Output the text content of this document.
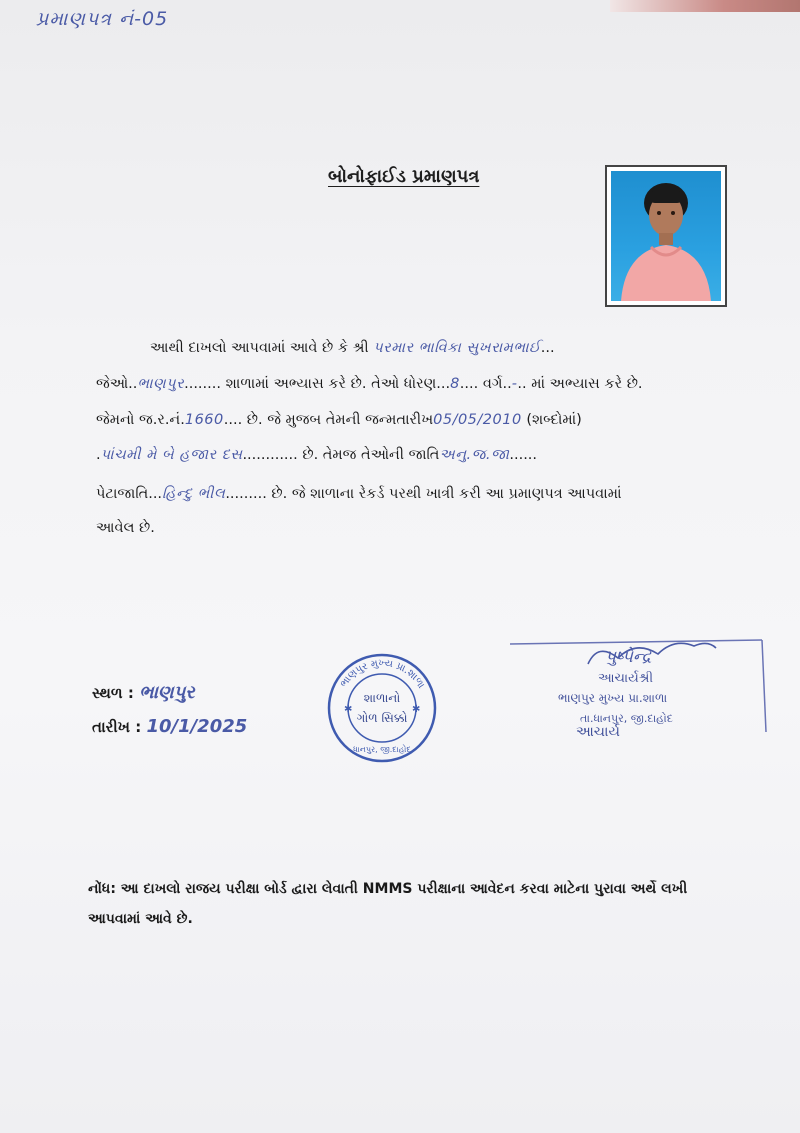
પ્રમાણપત્ર નં-05
બોનોફાઈડ પ્રમાણપત્ર
આથી દાખલો આપવામાં આવે છે કે શ્રી પરમાર ભાવિકા સુખરામભાઈ...
જેઓ..ભાણપુર........ શાળામાં અભ્યાસ કરે છે. તેઓ ધોરણ...8.... વર્ગ..-.. માં અભ્યાસ કરે છે.
જેમનો જ.ર.નં.1660.... છે. જે મુજબ તેમની જન્મતારીખ05/05/2010 (શબ્દોમાં)
.પાંચમી મે બે હજાર દસ............ છે. તેમજ તેઓની જાતિઅનુ.જ.જા......
પેટાજાતિ...હિન્દુ ભીલ......... છે. જે શાળાના રેકર્ડ પરથી ખાત્રી કરી આ પ્રમાણપત્ર આપવામાં
આવેલ છે.
સ્થળ : ભાણપુર
તારીખ : 10/1/2025
ભાણપુર મુખ્ય પ્રા.શાળા
શાળાનો
ગોળ સિક્કો
ધાનપુર, જી.દાહોદ
✱	✱
પુષ્પેન્દ્ર
આચાર્યશ્રી
ભાણપુર મુખ્ય પ્રા.શાળા
તા.ધાનપુર, જી.દાહોદ
આચાર્ય
નોંધ: આ દાખલો રાજય પરીક્ષા બોર્ડ દ્વારા લેવાતી NMMS પરીક્ષાના આવેદન કરવા માટેના પુરાવા અર્થે લખી આપવામાં આવે છે.
